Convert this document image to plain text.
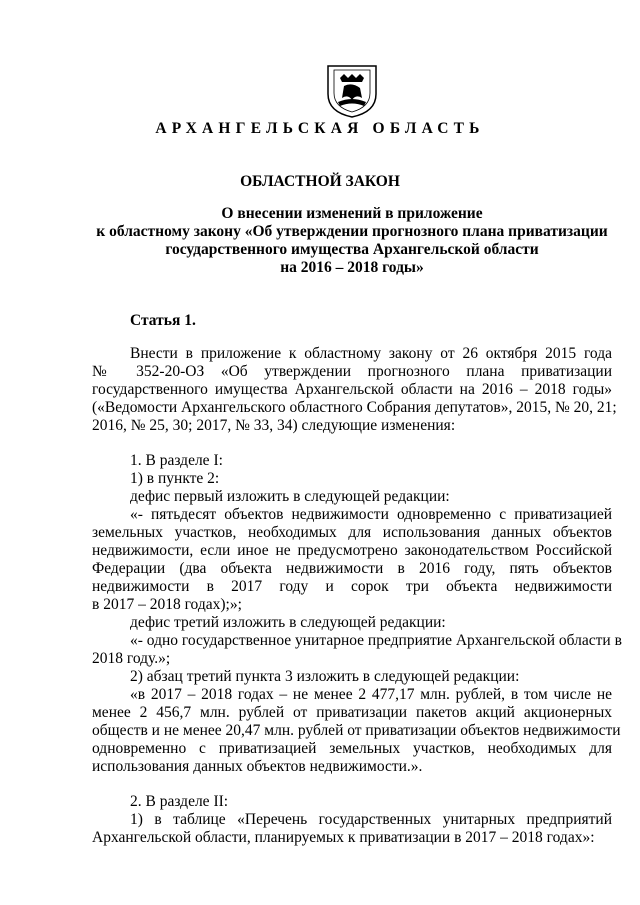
АРХАНГЕЛЬСКАЯ ОБЛАСТЬ
ОБЛАСТНОЙ ЗАКОН
О внесении изменений в приложение
к областному закону «Об утверждении прогнозного плана приватизации
государственного имущества Архангельской области
на 2016 – 2018 годы»
Статья 1.
Внести в приложение к областному закону от 26 октября 2015 года
№ 352-20-ОЗ «Об утверждении прогнозного плана приватизации
государственного имущества Архангельской области на 2016 – 2018 годы»
(«Ведомости Архангельского областного Собрания депутатов», 2015, № 20, 21;
2016, № 25, 30; 2017, № 33, 34) следующие изменения:
1. В разделе I:
1) в пункте 2:
дефис первый изложить в следующей редакции:
«- пятьдесят объектов недвижимости одновременно с приватизацией
земельных участков, необходимых для использования данных объектов
недвижимости, если иное не предусмотрено законодательством Российской
Федерации (два объекта недвижимости в 2016 году, пять объектов
недвижимости в 2017 году и сорок три объекта недвижимости
в 2017 – 2018 годах);»;
дефис третий изложить в следующей редакции:
«- одно государственное унитарное предприятие Архангельской области в
2018 году.»;
2) абзац третий пункта 3 изложить в следующей редакции:
«в 2017 – 2018 годах – не менее 2 477,17 млн. рублей, в том числе не
менее 2 456,7 млн. рублей от приватизации пакетов акций акционерных
обществ и не менее 20,47 млн. рублей от приватизации объектов недвижимости
одновременно с приватизацией земельных участков, необходимых для
использования данных объектов недвижимости.».
2. В разделе II:
1) в таблице «Перечень государственных унитарных предприятий
Архангельской области, планируемых к приватизации в 2017 – 2018 годах»:
